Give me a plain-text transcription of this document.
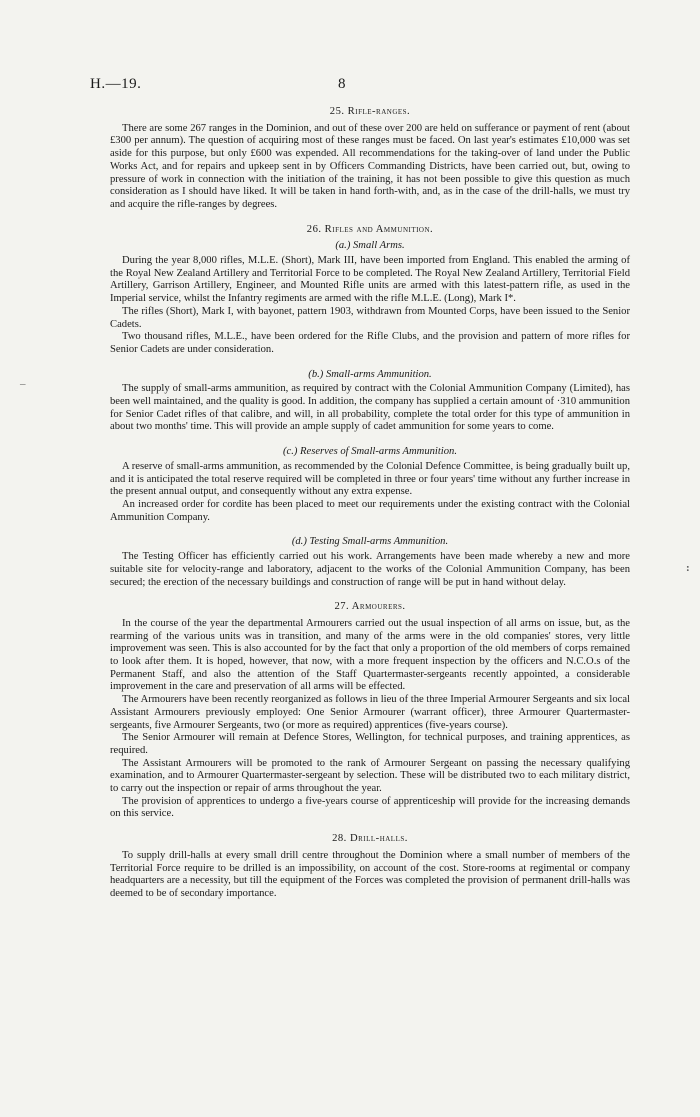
H.—19.	8
25. Rifle-ranges.

There are some 267 ranges in the Dominion, and out of these over 200 are held on sufferance or payment of rent (about £300 per annum). The question of acquiring most of these ranges must be faced. On last year's estimates £10,000 was set aside for this purpose, but only £600 was expended. All recommendations for the taking-over of land under the Public Works Act, and for repairs and upkeep sent in by Officers Commanding Districts, have been carried out, but, owing to pressure of work in connection with the initiation of the training, it has not been possible to give this question as much consideration as I should have liked. It will be taken in hand forth-with, and, as in the case of the drill-halls, we must try and acquire the rifle-ranges by degrees.

26. Rifles and Ammunition.
(a.) Small Arms.

During the year 8,000 rifles, M.L.E. (Short), Mark III, have been imported from England. This enabled the arming of the Royal New Zealand Artillery and Territorial Force to be completed. The Royal New Zealand Artillery, Territorial Field Artillery, Garrison Artillery, Engineer, and Mounted Rifle units are armed with this latest-pattern rifle, as used in the Imperial service, whilst the Infantry regiments are armed with the rifle M.L.E. (Long), Mark I*.

The rifles (Short), Mark I, with bayonet, pattern 1903, withdrawn from Mounted Corps, have been issued to the Senior Cadets.

Two thousand rifles, M.L.E., have been ordered for the Rifle Clubs, and the provision and pattern of more rifles for Senior Cadets are under consideration.

(b.) Small-arms Ammunition.

The supply of small-arms ammunition, as required by contract with the Colonial Ammunition Company (Limited), has been well maintained, and the quality is good. In addition, the company has supplied a certain amount of ·310 ammunition for Senior Cadet rifles of that calibre, and will, in all probability, complete the total order for this type of ammunition in about two months' time. This will provide an ample supply of cadet ammunition for some years to come.

(c.) Reserves of Small-arms Ammunition.

A reserve of small-arms ammunition, as recommended by the Colonial Defence Committee, is being gradually built up, and it is anticipated the total reserve required will be completed in three or four years' time without any further increase in the present annual output, and consequently without any extra expense.

An increased order for cordite has been placed to meet our requirements under the existing contract with the Colonial Ammunition Company.

(d.) Testing Small-arms Ammunition.

The Testing Officer has efficiently carried out his work. Arrangements have been made whereby a new and more suitable site for velocity-range and laboratory, adjacent to the works of the Colonial Ammunition Company, has been secured; the erection of the necessary buildings and construction of range will be put in hand without delay.

27. Armourers.

In the course of the year the departmental Armourers carried out the usual inspection of all arms on issue, but, as the rearming of the various units was in transition, and many of the arms were in the old companies' stores, very little improvement was seen. This is also accounted for by the fact that only a proportion of the old members of corps remained to look after them. It is hoped, however, that now, with a more frequent inspection by the officers and N.C.O.s of the Permanent Staff, and also the attention of the Staff Quartermaster-sergeants recently appointed, a considerable improvement in the care and preservation of all arms will be effected.

The Armourers have been recently reorganized as follows in lieu of the three Imperial Armourer Sergeants and six local Assistant Armourers previously employed: One Senior Armourer (warrant officer), three Armourer Quartermaster-sergeants, five Armourer Sergeants, two (or more as required) apprentices (five-years course).

The Senior Armourer will remain at Defence Stores, Wellington, for technical purposes, and training apprentices, as required.

The Assistant Armourers will be promoted to the rank of Armourer Sergeant on passing the necessary qualifying examination, and to Armourer Quartermaster-sergeant by selection. These will be distributed two to each military district, to carry out the inspection or repair of arms throughout the year.

The provision of apprentices to undergo a five-years course of apprenticeship will provide for the increasing demands on this service.

28. Drill-halls.

To supply drill-halls at every small drill centre throughout the Dominion where a small number of members of the Territorial Force require to be drilled is an impossibility, on account of the cost. Store-rooms at regimental or company headquarters are a necessity, but till the equipment of the Forces was completed the provision of permanent drill-halls was deemed to be of secondary importance.

–
:
